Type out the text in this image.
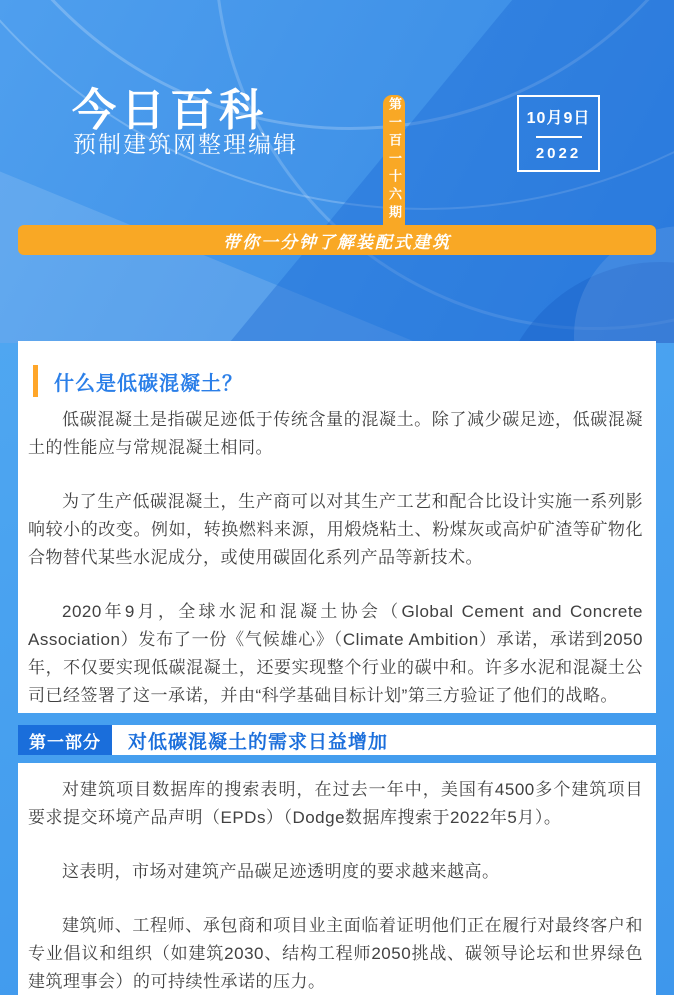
今日百科
预制建筑网整理编辑	第一百一十六期	10月9日
2022
带你一分钟了解装配式建筑
什么是低碳混凝土？

低碳混凝土是指碳足迹低于传统含量的混凝土。除了减少碳足迹，低碳混凝土的性能应与常规混凝土相同。

为了生产低碳混凝土，生产商可以对其生产工艺和配合比设计实施一系列影响较小的改变。例如，转换燃料来源，用煅烧粘土、粉煤灰或高炉矿渣等矿物化合物替代某些水泥成分，或使用碳固化系列产品等新技术。

2020年9月，全球水泥和混凝土协会（Global Cement and Concrete Association）发布了一份《气候雄心》（Climate Ambition）承诺，承诺到2050年，不仅要实现低碳混凝土，还要实现整个行业的碳中和。许多水泥和混凝土公司已经签署了这一承诺，并由“科学基础目标计划”第三方验证了他们的战略。

第一部分	对低碳混凝土的需求日益增加

对建筑项目数据库的搜索表明，在过去一年中，美国有4500多个建筑项目要求提交环境产品声明（EPDs）（Dodge数据库搜索于2022年5月）。

这表明，市场对建筑产品碳足迹透明度的要求越来越高。

建筑师、工程师、承包商和项目业主面临着证明他们正在履行对最终客户和专业倡议和组织（如建筑2030、结构工程师2050挑战、碳领导论坛和世界绿色建筑理事会）的可持续性承诺的压力。
